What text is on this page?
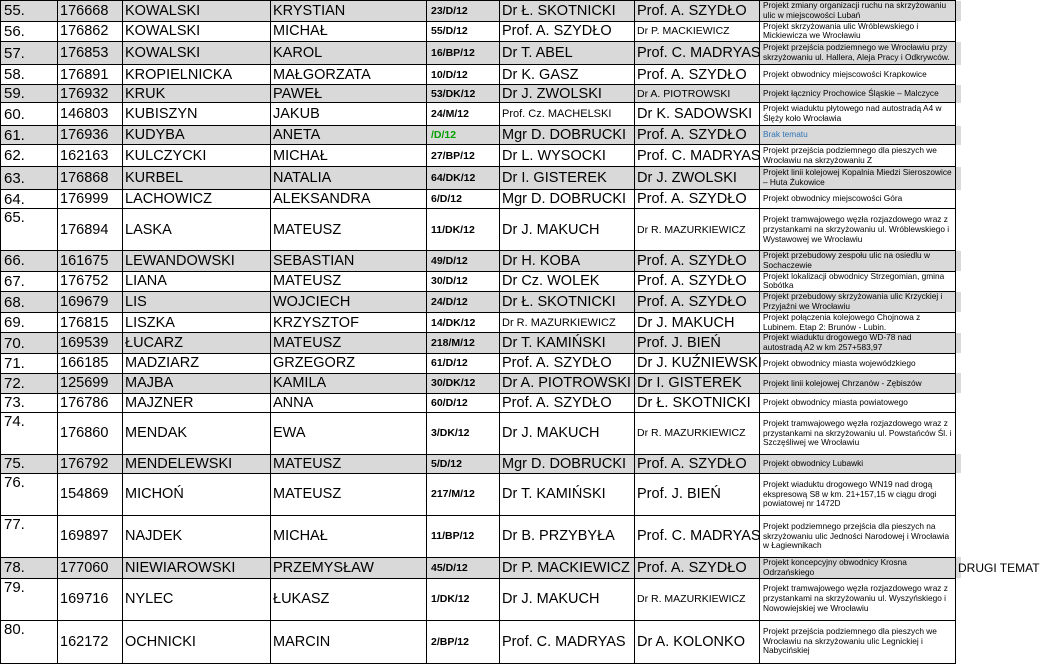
55.	176668	KOWALSKI	KRYSTIAN	23/D/12	Dr Ł. SKOTNICKI	Prof. A. SZYDŁO	Projekt zmiany organizacji ruchu na skrzyżowaniu ulic w miejscowości Lubań	
56.	176862	KOWALSKI	MICHAŁ	55/D/12	Prof. A. SZYDŁO	Dr P. MACKIEWICZ	Projekt skrzyżowania ulic Wróblewskiego i Mickiewicza we Wrocławiu	
57.	176853	KOWALSKI	KAROL	16/BP/12	Dr T. ABEL	Prof. C. MADRYAS	Projekt przejścia podziemnego we Wrocławiu przy skrzyżowaniu ul. Hallera, Aleja Pracy i Odkrywców.	
58.	176891	KROPIELNICKA	MAŁGORZATA	10/D/12	Dr K. GASZ	Prof. A. SZYDŁO	Projekt obwodnicy miejscowości Krapkowice	
59.	176932	KRUK	PAWEŁ	53/DK/12	Dr J. ZWOLSKI	Dr A. PIOTROWSKI	Projekt łącznicy Prochowice Śląskie – Malczyce	
60.	146803	KUBISZYN	JAKUB	24/M/12	Prof. Cz. MACHELSKI	Dr K. SADOWSKI	Projekt wiaduktu płytowego nad autostradą A4 w Ślęży koło Wrocławia	
61.	176936	KUDYBA	ANETA	/D/12	Mgr D. DOBRUCKI	Prof. A. SZYDŁO	Brak tematu	
62.	162163	KULCZYCKI	MICHAŁ	27/BP/12	Dr L. WYSOCKI	Prof. C. MADRYAS	Projekt przejścia podziemnego dla pieszych we Wrocławiu na skrzyżowaniu Z	
63.	176868	KURBEL	NATALIA	64/DK/12	Dr I. GISTEREK	Dr J. ZWOLSKI	Projekt linii kolejowej Kopalnia Miedzi Sieroszowice – Huta Żukowice	
64.	176999	LACHOWICZ	ALEKSANDRA	6/D/12	Mgr D. DOBRUCKI	Prof. A. SZYDŁO	Projekt obwodnicy miejscowości Góra	
65.	176894	LASKA	MATEUSZ	11/DK/12	Dr J. MAKUCH	Dr R. MAZURKIEWICZ	Projekt tramwajowego węzła rozjazdowego wraz z przystankami na skrzyżowaniu ul. Wróblewskiego i Wystawowej we Wrocławiu	
66.	161675	LEWANDOWSKI	SEBASTIAN	49/D/12	Dr H. KOBA	Prof. A. SZYDŁO	Projekt przebudowy zespołu ulic na osiedlu w Sochaczewie	
67.	176752	LIANA	MATEUSZ	30/D/12	Dr Cz. WOLEK	Prof. A. SZYDŁO	Projekt lokalizacji obwodnicy Strzegomian, gmina Sobótka	
68.	169679	LIS	WOJCIECH	24/D/12	Dr Ł. SKOTNICKI	Prof. A. SZYDŁO	Projekt przebudowy skrzyżowania ulic Krzyckiej i Przyjaźni we Wrocławiu	
69.	176815	LISZKA	KRZYSZTOF	14/DK/12	Dr R. MAZURKIEWICZ	Dr J. MAKUCH	Projekt połączenia kolejowego Chojnowa z Lubinem. Etap 2: Brunów - Lubin.	
70.	169539	ŁUCARZ	MATEUSZ	218/M/12	Dr T. KAMIŃSKI	Prof. J. BIEŃ	Projekt wiaduktu drogowego WD-78 nad autostradą A2 w km 257+583,97	
71.	166185	MADZIARZ	GRZEGORZ	61/D/12	Prof. A. SZYDŁO	Dr J. KUŹNIEWSKI	Projekt obwodnicy miasta wojewódzkiego	
72.	125699	MAJBA	KAMILA	30/DK/12	Dr A. PIOTROWSKI	Dr I. GISTEREK	Projekt linii kolejowej Chrzanów - Zębiszów	
73.	176786	MAJZNER	ANNA	60/D/12	Prof. A. SZYDŁO	Dr Ł. SKOTNICKI	Projekt obwodnicy miasta powiatowego	
74.	176860	MENDAK	EWA	3/DK/12	Dr J. MAKUCH	Dr R. MAZURKIEWICZ	Projekt tramwajowego węzła rozjazdowego wraz z przystankami na skrzyżowaniu ul. Powstańców Śl. i Szczęśliwej we Wrocławiu	
75.	176792	MENDELEWSKI	MATEUSZ	5/D/12	Mgr D. DOBRUCKI	Prof. A. SZYDŁO	Projekt obwodnicy Lubawki	
76.	154869	MICHOŃ	MATEUSZ	217/M/12	Dr T. KAMIŃSKI	Prof. J. BIEŃ	Projekt wiaduktu drogowego WN19 nad drogą ekspresową S8 w km. 21+157,15 w ciągu drogi powiatowej nr 1472D	
77.	169897	NAJDEK	MICHAŁ	11/BP/12	Dr B. PRZYBYŁA	Prof. C. MADRYAS	Projekt podziemnego przejścia dla pieszych na skrzyżowaniu ulic Jedności Narodowej i Wrocławia w Łagiewnikach	
78.	177060	NIEWIAROWSKI	PRZEMYSŁAW	45/D/12	Dr P. MACKIEWICZ	Prof. A. SZYDŁO	Projekt koncepcyjny obwodnicy Krosna Odrzańskiego	DRUGI TEMAT
79.	169716	NYLEC	ŁUKASZ	1/DK/12	Dr J. MAKUCH	Dr R. MAZURKIEWICZ	Projekt tramwajowego węzła rozjazdowego wraz z przystankami na skrzyżowaniu ul. Wyszyńskiego i Nowowiejskiej we Wrocławiu	
80.	162172	OCHNICKI	MARCIN	2/BP/12	Prof. C. MADRYAS	Dr A. KOLONKO	Projekt przejścia podziemnego dla pieszych we Wrocławiu na skrzyżowaniu ulic Legnickiej i Nabycińskiej	
